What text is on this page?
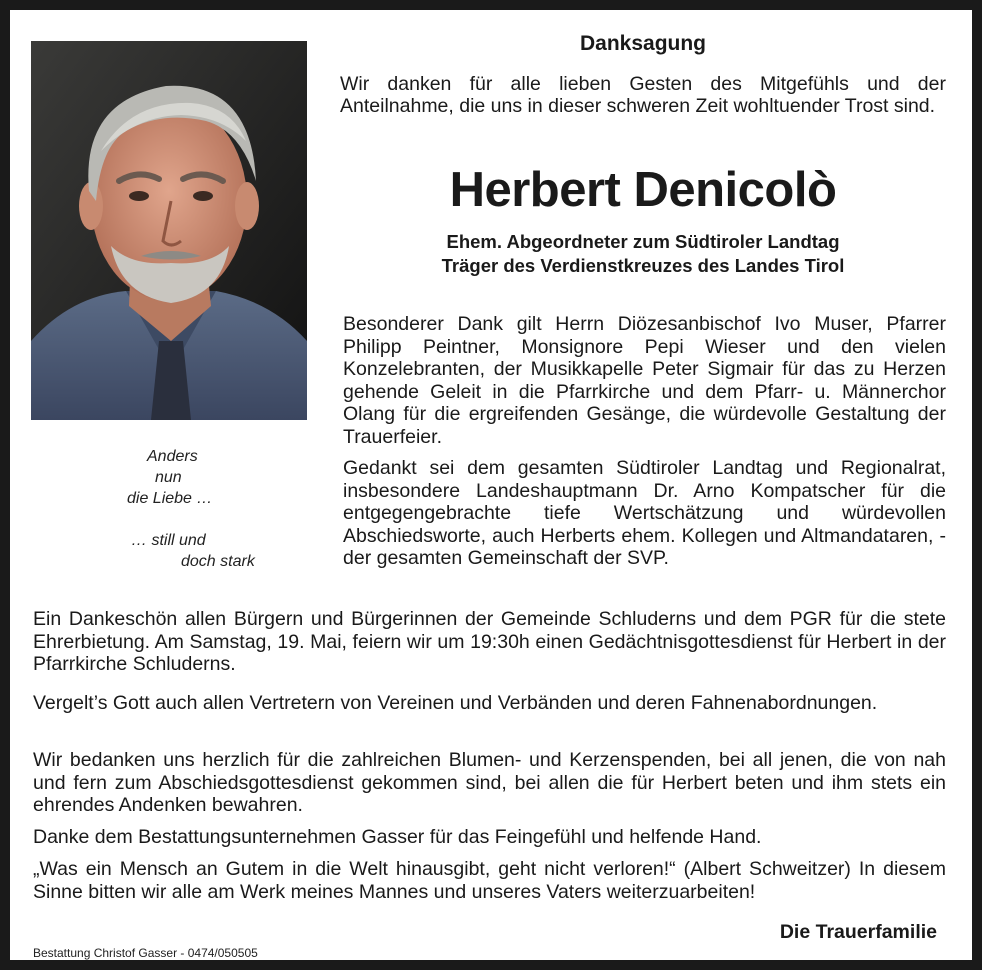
Anders
nun
die Liebe …
… still und
doch stark
Danksagung
Wir danken für alle lieben Gesten des Mitgefühls und der Anteilnahme, die uns in dieser schweren Zeit wohltuender Trost sind.
Herbert Denicolò
Ehem. Abgeordneter zum Südtiroler Landtag
Träger des Verdienstkreuzes des Landes Tirol
Besonderer Dank gilt Herrn Diözesanbischof Ivo Muser, Pfarrer Philipp Peintner, Monsignore Pepi Wieser und den vielen Konzelebranten, der Musikkapelle Peter Sigmair für das zu Herzen gehende Geleit in die Pfarrkirche und dem Pfarr- u. Männerchor Olang für die ergreifenden Gesänge, die würdevolle Gestaltung der Trauerfeier.
Gedankt sei dem gesamten Südtiroler Landtag und Regionalrat, insbesondere Landeshauptmann Dr. Arno Kompatscher für die entgegengebrachte tiefe Wertschätzung und würdevollen Abschiedsworte, auch Herberts ehem. Kollegen und Altmandataren, - der gesamten Gemeinschaft der SVP.
Ein Dankeschön allen Bürgern und Bürgerinnen der Gemeinde Schluderns und dem PGR für die stete Ehrerbietung. Am Samstag, 19. Mai, feiern wir um 19:30h einen Gedächtnisgottesdienst für Herbert in der Pfarrkirche Schluderns.
Vergelt’s Gott auch allen Vertretern von Vereinen und Verbänden und deren Fahnenabordnungen.
Wir bedanken uns herzlich für die zahlreichen Blumen- und Kerzenspenden, bei all jenen, die von nah und fern zum Abschiedsgottesdienst gekommen sind, bei allen die für Herbert beten und ihm stets ein ehrendes Andenken bewahren.
Danke dem Bestattungsunternehmen Gasser für das Feingefühl und helfende Hand.
„Was ein Mensch an Gutem in die Welt hinausgibt, geht nicht verloren!“ (Albert Schweitzer) In diesem Sinne bitten wir alle am Werk meines Mannes und unseres Vaters weiterzuarbeiten!
Die Trauerfamilie
Bestattung Christof Gasser - 0474/050505
